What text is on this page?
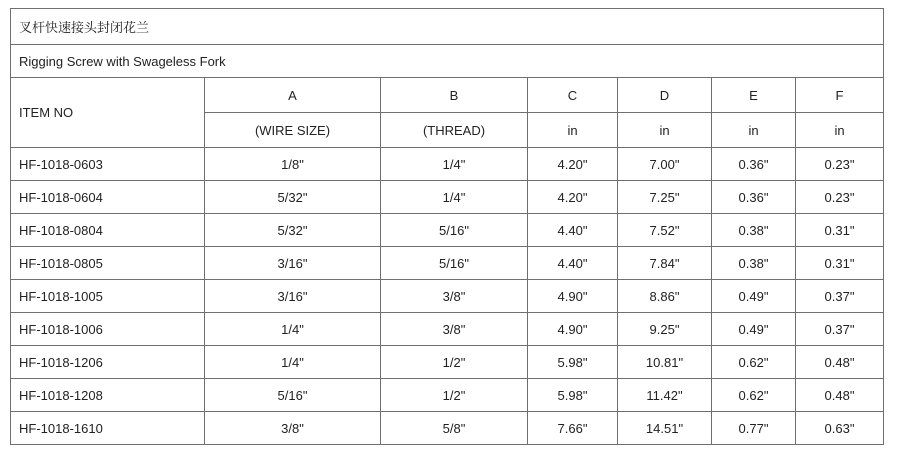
叉杆快速接头封闭花兰						
Rigging Screw with Swageless Fork						
ITEM NO	A	B	C	D	E	F
	(WIRE SIZE)	(THREAD)	in	in	in	in
HF-1018-0603	1/8"	1/4"	4.20"	7.00"	0.36"	0.23"
HF-1018-0604	5/32"	1/4"	4.20"	7.25"	0.36"	0.23"
HF-1018-0804	5/32"	5/16"	4.40"	7.52"	0.38"	0.31"
HF-1018-0805	3/16"	5/16"	4.40"	7.84"	0.38"	0.31"
HF-1018-1005	3/16"	3/8"	4.90"	8.86"	0.49"	0.37"
HF-1018-1006	1/4"	3/8"	4.90"	9.25"	0.49"	0.37"
HF-1018-1206	1/4"	1/2"	5.98"	10.81"	0.62"	0.48"
HF-1018-1208	5/16"	1/2"	5.98"	11.42"	0.62"	0.48"
HF-1018-1610	3/8"	5/8"	7.66"	14.51"	0.77"	0.63"
